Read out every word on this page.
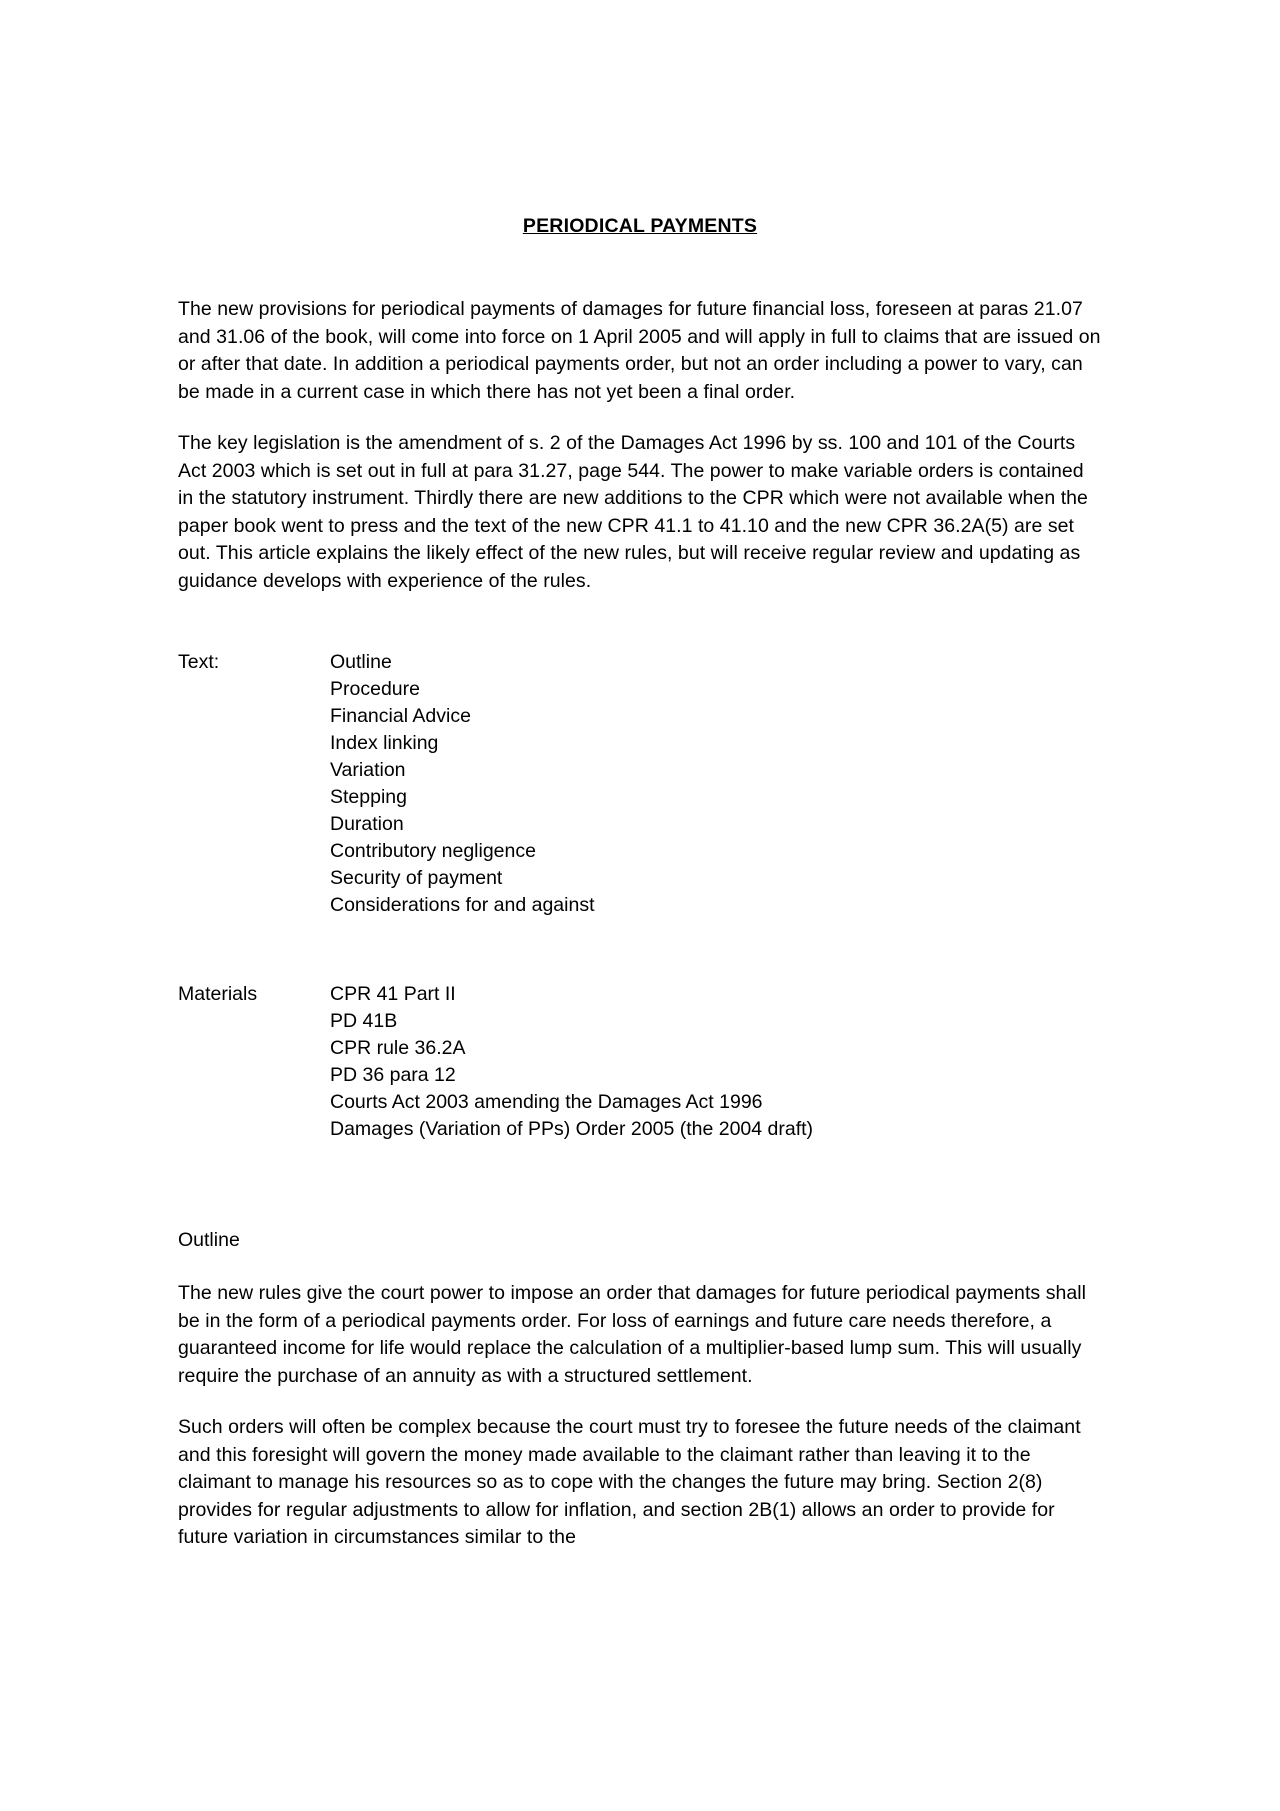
PERIODICAL PAYMENTS

The new provisions for periodical payments of damages for future financial loss, foreseen at paras 21.07 and 31.06 of the book, will come into force on 1 April 2005 and will apply in full to claims that are issued on or after that date. In addition a periodical payments order, but not an order including a power to vary, can be made in a current case in which there has not yet been a final order.

The key legislation is the amendment of s. 2 of the Damages Act 1996 by ss. 100 and 101 of the Courts Act 2003 which is set out in full at para 31.27, page 544. The power to make variable orders is contained in the statutory instrument. Thirdly there are new additions to the CPR which were not available when the paper book went to press and the text of the new CPR 41.1 to 41.10 and the new CPR 36.2A(5) are set out. This article explains the likely effect of the new rules, but will receive regular review and updating as guidance develops with experience of the rules.

Text:	Outline
Procedure
Financial Advice
Index linking
Variation
Stepping
Duration
Contributory negligence
Security of payment
Considerations for and against
Materials	CPR 41 Part II
PD 41B
CPR rule 36.2A
PD 36 para 12
Courts Act 2003 amending the Damages Act 1996
Damages (Variation of PPs) Order 2005 (the 2004 draft)
Outline

The new rules give the court power to impose an order that damages for future periodical payments shall be in the form of a periodical payments order. For loss of earnings and future care needs therefore, a guaranteed income for life would replace the calculation of a multiplier-based lump sum. This will usually require the purchase of an annuity as with a structured settlement.

Such orders will often be complex because the court must try to foresee the future needs of the claimant and this foresight will govern the money made available to the claimant rather than leaving it to the claimant to manage his resources so as to cope with the changes the future may bring. Section 2(8) provides for regular adjustments to allow for inflation, and section 2B(1) allows an order to provide for future variation in circumstances similar to the
